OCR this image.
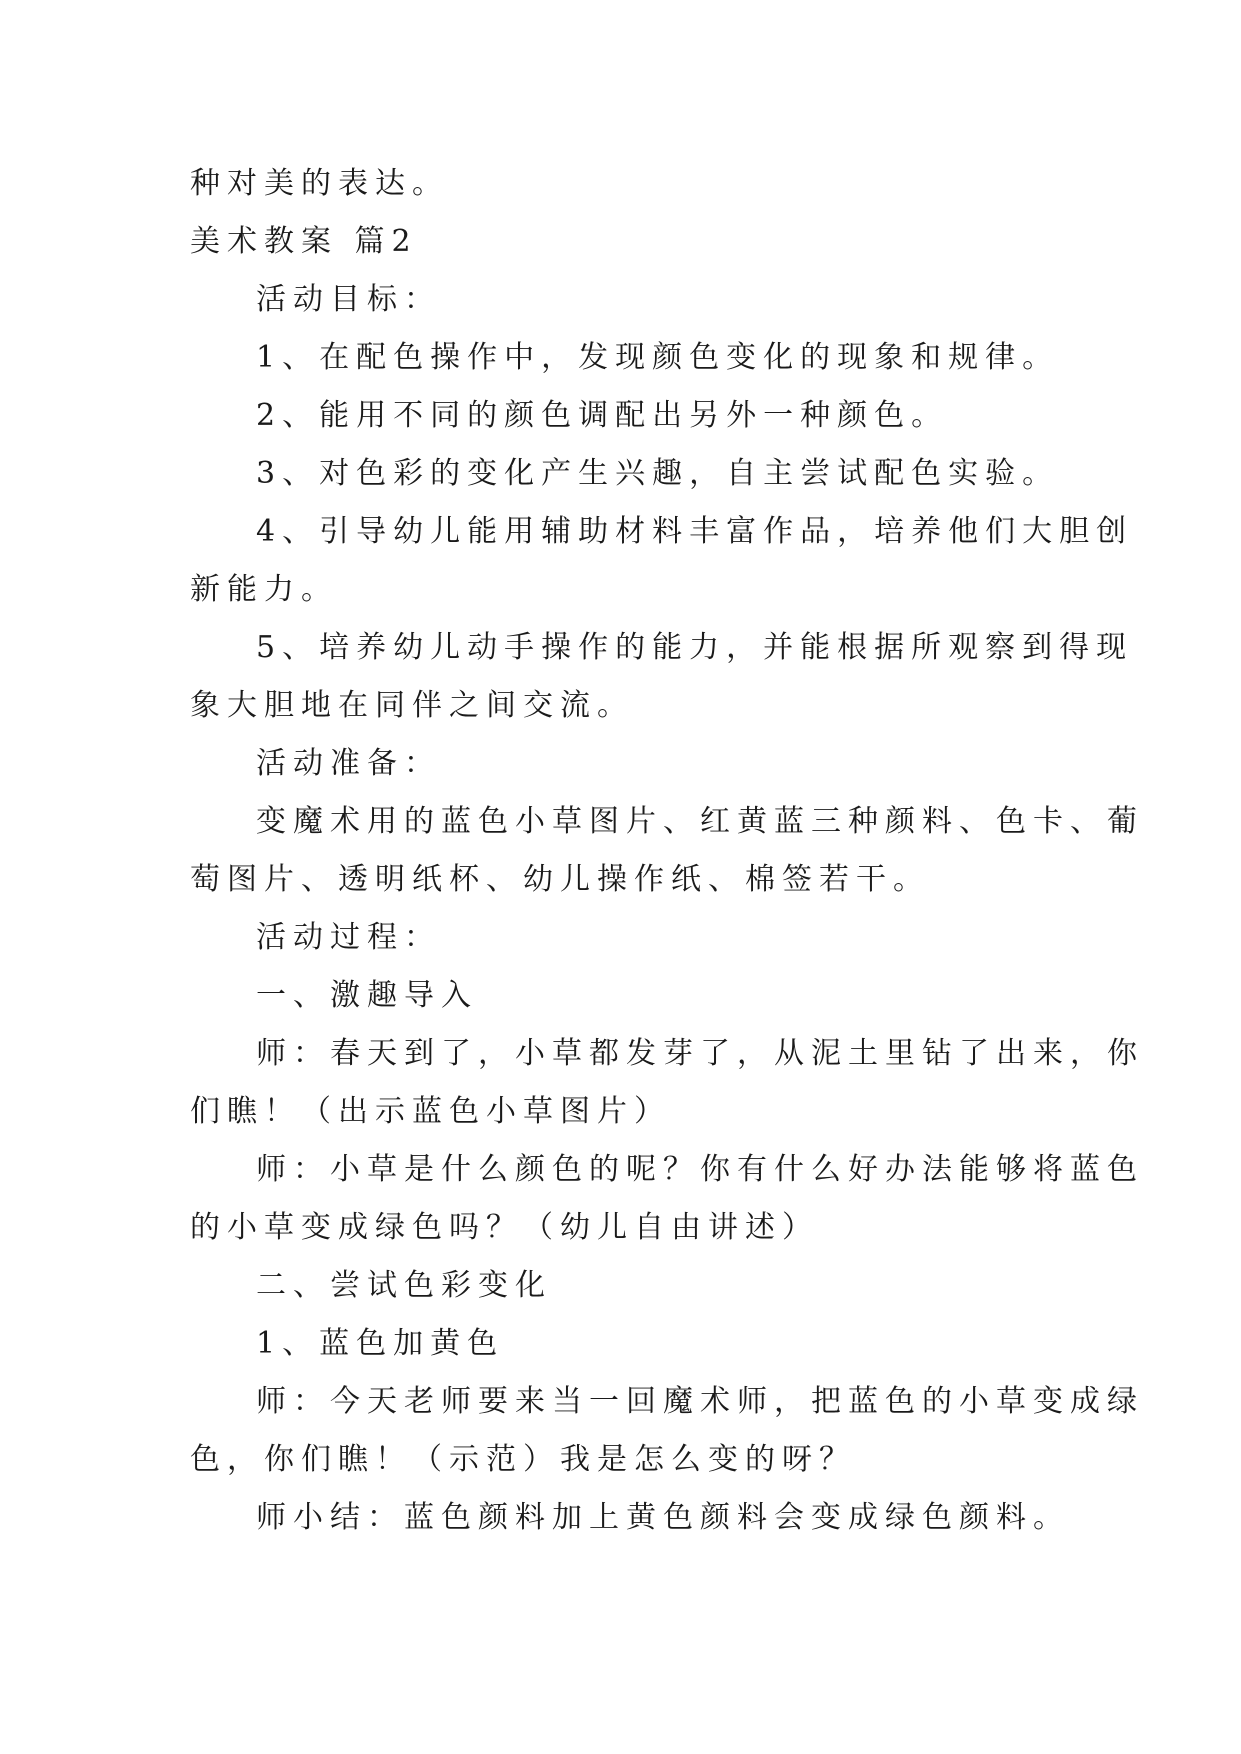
种对美的表达。

美术教案 篇2

活动目标：

1、在配色操作中，发现颜色变化的现象和规律。

2、能用不同的颜色调配出另外一种颜色。

3、对色彩的变化产生兴趣，自主尝试配色实验。

4、引导幼儿能用辅助材料丰富作品，培养他们大胆创

新能力。

5、培养幼儿动手操作的能力，并能根据所观察到得现

象大胆地在同伴之间交流。

活动准备：

变魔术用的蓝色小草图片、红黄蓝三种颜料、色卡、葡

萄图片、透明纸杯、幼儿操作纸、棉签若干。

活动过程：

一、激趣导入

师：春天到了，小草都发芽了，从泥土里钻了出来，你

们瞧！（出示蓝色小草图片）

师：小草是什么颜色的呢？你有什么好办法能够将蓝色

的小草变成绿色吗？（幼儿自由讲述）

二、尝试色彩变化

1、蓝色加黄色

师：今天老师要来当一回魔术师，把蓝色的小草变成绿

色，你们瞧！（示范）我是怎么变的呀？

师小结：蓝色颜料加上黄色颜料会变成绿色颜料。
